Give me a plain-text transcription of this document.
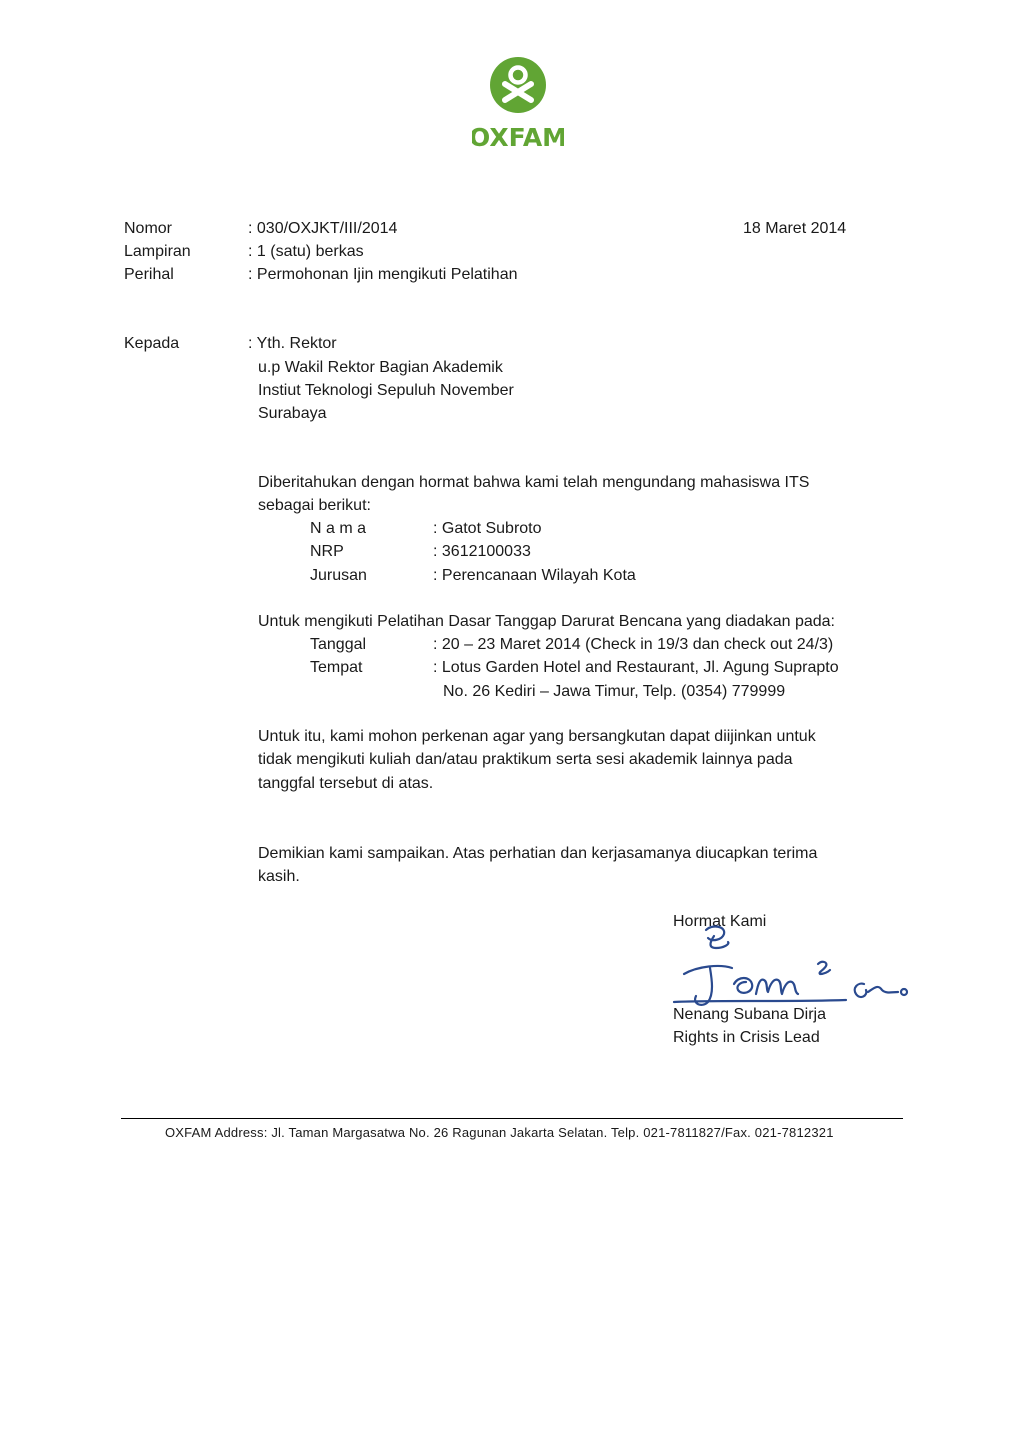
OXFAM
Nomor	: 030/OXJKT/III/2014	18 Maret 2014
Lampiran	: 1 (satu) berkas
Perihal	: Permohonan Ijin mengikuti Pelatihan
Kepada	: Yth. Rektor
u.p Wakil Rektor Bagian Akademik
Instiut Teknologi Sepuluh November
Surabaya
Diberitahukan dengan hormat bahwa kami telah mengundang mahasiswa ITS
sebagai berikut:
N a m a	: Gatot Subroto
NRP	: 3612100033
Jurusan	: Perencanaan Wilayah Kota
Untuk mengikuti Pelatihan Dasar Tanggap Darurat Bencana yang diadakan pada:
Tanggal	: 20 – 23 Maret 2014 (Check in 19/3 dan check out 24/3)
Tempat	: Lotus Garden Hotel and Restaurant, Jl. Agung Suprapto
No. 26 Kediri – Jawa Timur, Telp. (0354) 779999
Untuk itu, kami mohon perkenan agar yang bersangkutan dapat diijinkan untuk
tidak mengikuti kuliah dan/atau praktikum serta sesi akademik lainnya pada
tanggfal tersebut di atas.
Demikian kami sampaikan. Atas perhatian dan kerjasamanya diucapkan terima
kasih.
Hormat Kami
Nenang Subana Dirja
Rights in Crisis Lead
OXFAM Address: Jl. Taman Margasatwa No. 26 Ragunan Jakarta Selatan. Telp. 021-7811827/Fax. 021-7812321
